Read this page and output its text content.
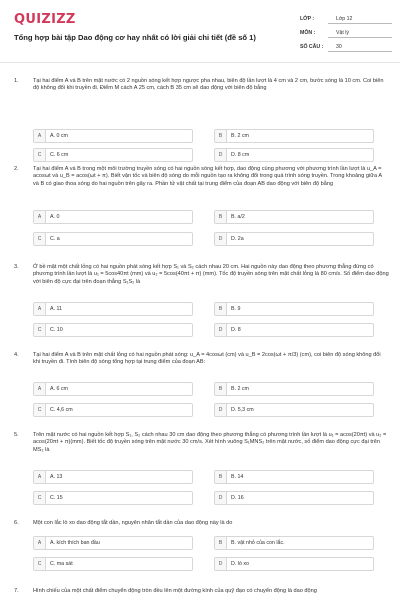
QUIZIZZ
Tổng hợp bài tập Dao động cơ hay nhất có lời giải chi tiết (đề số 1)
LỚP :	Lớp 12
MÔN :	Vật lý
SỐ CÂU :	30
1.	Tại hai điểm A và B trên mặt nước có 2 nguồn sóng kết hợp ngược pha nhau, biên độ lần lượt là 4 cm và 2 cm, bước sóng là 10 cm. Coi biên độ không đổi khi truyền đi. Điểm M cách A 25 cm, cách B 35 cm sẽ dao động với biên độ bằng
A	A. 0 cm	B	B. 2 cm
C	C. 6 cm	D	D. 8 cm
2.	Tại hai điểm A và B trong một môi trường truyền sóng có hai nguồn sóng kết hợp, dao động cùng phương với phương trình lần lượt là u_A = acosωt và u_B = acos(ωt + π). Biết vận tốc và biên độ sóng do mỗi nguồn tạo ra không đổi trong quá trình sóng truyền. Trong khoảng giữa A và B có giao thoa sóng do hai nguồn trên gây ra. Phần tử vật chất tại trung điểm của đoạn AB dao động với biên độ bằng
A	A. 0	B	B. a/2
C	C. a	D	D. 2a
3.	Ở bề mặt một chất lỏng có hai nguồn phát sóng kết hợp S₁ và S₂ cách nhau 20 cm. Hai nguồn này dao động theo phương thẳng đứng có phương trình lần lượt là u₁ = 5cos40πt (mm) và u₂ = 5cos(40πt + π) (mm). Tốc độ truyền sóng trên mặt chất lỏng là 80 cm/s. Số điểm dao động với biên độ cực đại trên đoạn thẳng S₁S₂ là
A	A. 11	B	B. 9
C	C. 10	D	D. 8
4.	Tại hai điểm A và B trên mặt chất lỏng có hai nguồn phát sóng: u_A = 4cosωt (cm) và u_B = 2cos(ωt + π/3) (cm), coi biên độ sóng không đổi khi truyền đi. Tính biên độ sóng tổng hợp tại trung điểm của đoạn AB:
A	A. 6 cm	B	B. 2 cm
C	C. 4,6 cm	D	D. 5,3 cm
5.	Trên mặt nước có hai nguồn kết hợp S₁, S₂ cách nhau 30 cm dao động theo phương thẳng có phương trình lần lượt là u₁ = acos(20πt) và u₂ = acos(20πt + π)(mm). Biết tốc độ truyền sóng trên mặt nước 30 cm/s. Xét hình vuông S₁MNS₂ trên mặt nước, số điểm dao động cực đại trên MS₂ là
A	A. 13	B	B. 14
C	C. 15	D	D. 16
6.	Một con lắc lò xo dao động tắt dần, nguyên nhân tắt dần của dao động này là do
A	A. kích thích ban đầu	B	B. vật nhỏ của con lắc.
C	C. ma sát	D	D. lò xo
7.	Hình chiếu của một chất điểm chuyển động tròn đều lên một đường kính của quỹ đạo có chuyển động là dao động
